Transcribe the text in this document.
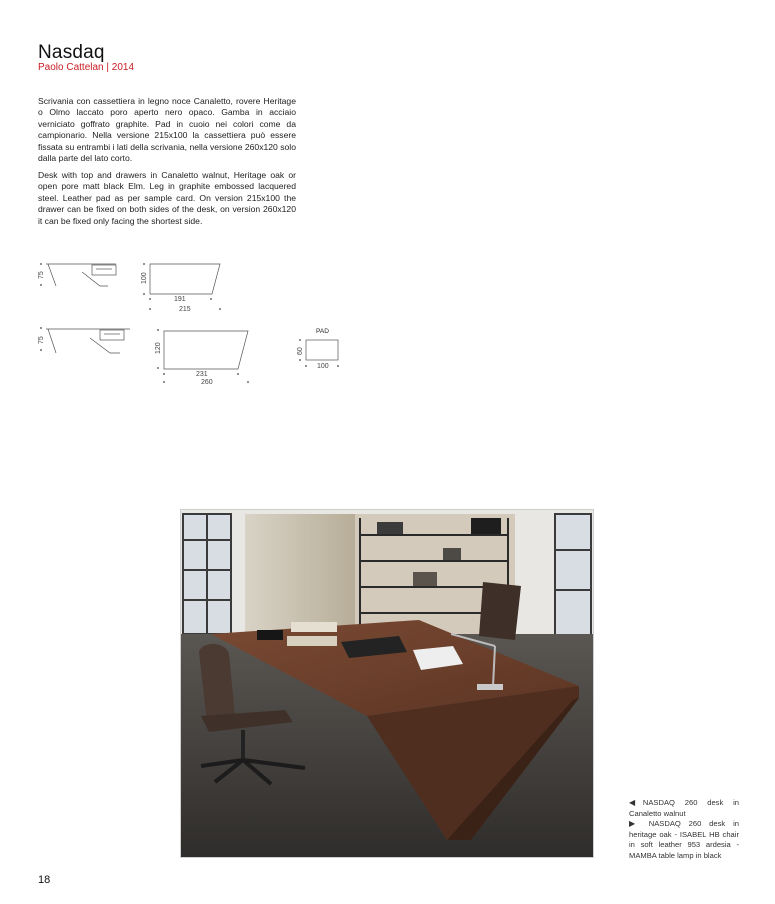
Nasdaq
Paolo Cattelan | 2014

Scrivania con cassettiera in legno noce Canaletto, rovere Heritage o Olmo laccato poro aperto nero opaco. Gamba in acciaio verniciato goffrato graphite. Pad in cuoio nei colori come da campionario. Nella versione 215x100 la cassettiera può essere fissata su entrambi i lati della scrivania, nella versione 260x120 solo dalla parte del lato corto.

Desk with top and drawers in Canaletto walnut, Heritage oak or open pore matt black Elm. Leg in graphite embossed lacquered steel. Leather pad as per sample card. On version 215x100 the drawer can be fixed on both sides of the desk, on version 260x120 it can be fixed only facing the shortest side.

75	100
191
215
75
120
231
260
PAD
60
100
◀NASDAQ 260 desk in Canaletto walnut
▶ NASDAQ 260 desk in heritage oak - ISABEL HB chair in soft leather 953 ardesia - MAMBA table lamp in black
18
